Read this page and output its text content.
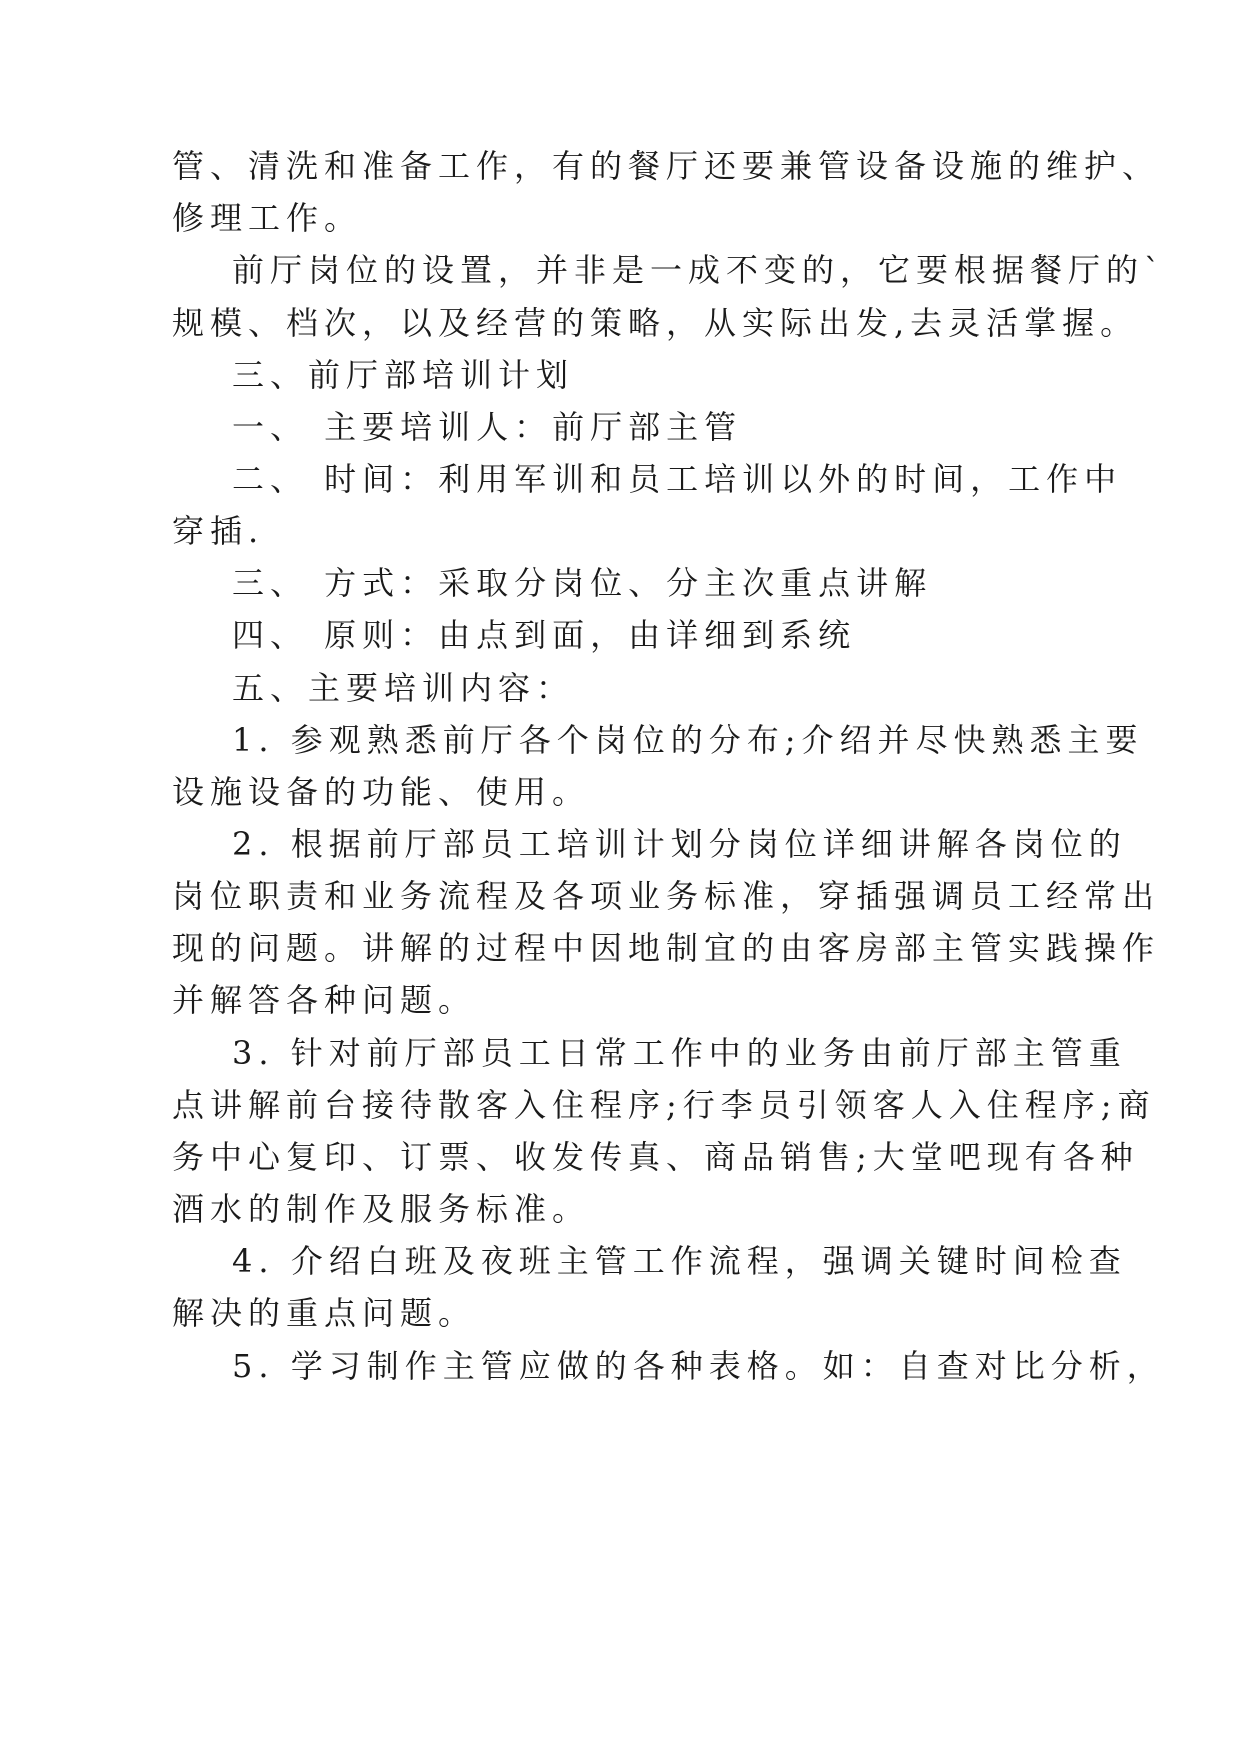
管、清洗和准备工作，有的餐厅还要兼管设备设施的维护、
修理工作。
前厅岗位的设置，并非是一成不变的，它要根据餐厅的`
规模、档次，以及经营的策略，从实际出发,去灵活掌握。
三、前厅部培训计划
一、 主要培训人：前厅部主管
二、 时间：利用军训和员工培训以外的时间，工作中
穿插.
三、 方式：采取分岗位、分主次重点讲解
四、 原则：由点到面，由详细到系统
五、主要培训内容：
1. 参观熟悉前厅各个岗位的分布;介绍并尽快熟悉主要
设施设备的功能、使用。
2. 根据前厅部员工培训计划分岗位详细讲解各岗位的
岗位职责和业务流程及各项业务标准，穿插强调员工经常出
现的问题。讲解的过程中因地制宜的由客房部主管实践操作
并解答各种问题。
3. 针对前厅部员工日常工作中的业务由前厅部主管重
点讲解前台接待散客入住程序;行李员引领客人入住程序;商
务中心复印、订票、收发传真、商品销售;大堂吧现有各种
酒水的制作及服务标准。
4. 介绍白班及夜班主管工作流程，强调关键时间检查
解决的重点问题。
5. 学习制作主管应做的各种表格。如：自查对比分析，
